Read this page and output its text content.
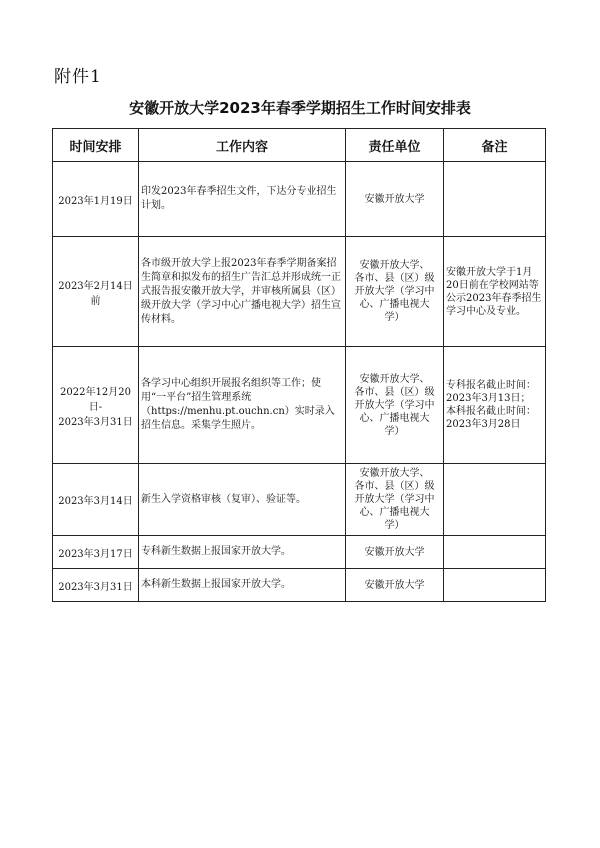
附件1
安徽开放大学2023年春季学期招生工作时间安排表
时间安排	工作内容	责任单位	备注
2023年1月19日	印发2023年春季招生文件，下达分专业招生计划。	安徽开放大学	
2023年2月14日前	各市级开放大学上报2023年春季学期备案招生简章和拟发布的招生广告汇总并形成统一正式报告报安徽开放大学，并审核所属县（区）级开放大学（学习中心广播电视大学）招生宣传材料。	安徽开放大学、
各市、县（区）级
开放大学（学习中
心、广播电视大
学）	安徽开放大学于1月20日前在学校网站等公示2023年春季招生学习中心及专业。
2022年12月20日-
2023年3月31日	各学习中心组织开展报名组织等工作；使用“一平台”招生管理系统（https://menhu.pt.ouchn.cn）实时录入招生信息。采集学生照片。	安徽开放大学、
各市、县（区）级
开放大学（学习中
心、广播电视大
学）	专科报名截止时间：
2023年3月13日；
本科报名截止时间：
2023年3月28日
2023年3月14日	新生入学资格审核（复审）、验证等。	安徽开放大学、
各市、县（区）级
开放大学（学习中
心、广播电视大
学）	
2023年3月17日	专科新生数据上报国家开放大学。	安徽开放大学	
2023年3月31日	本科新生数据上报国家开放大学。	安徽开放大学	
